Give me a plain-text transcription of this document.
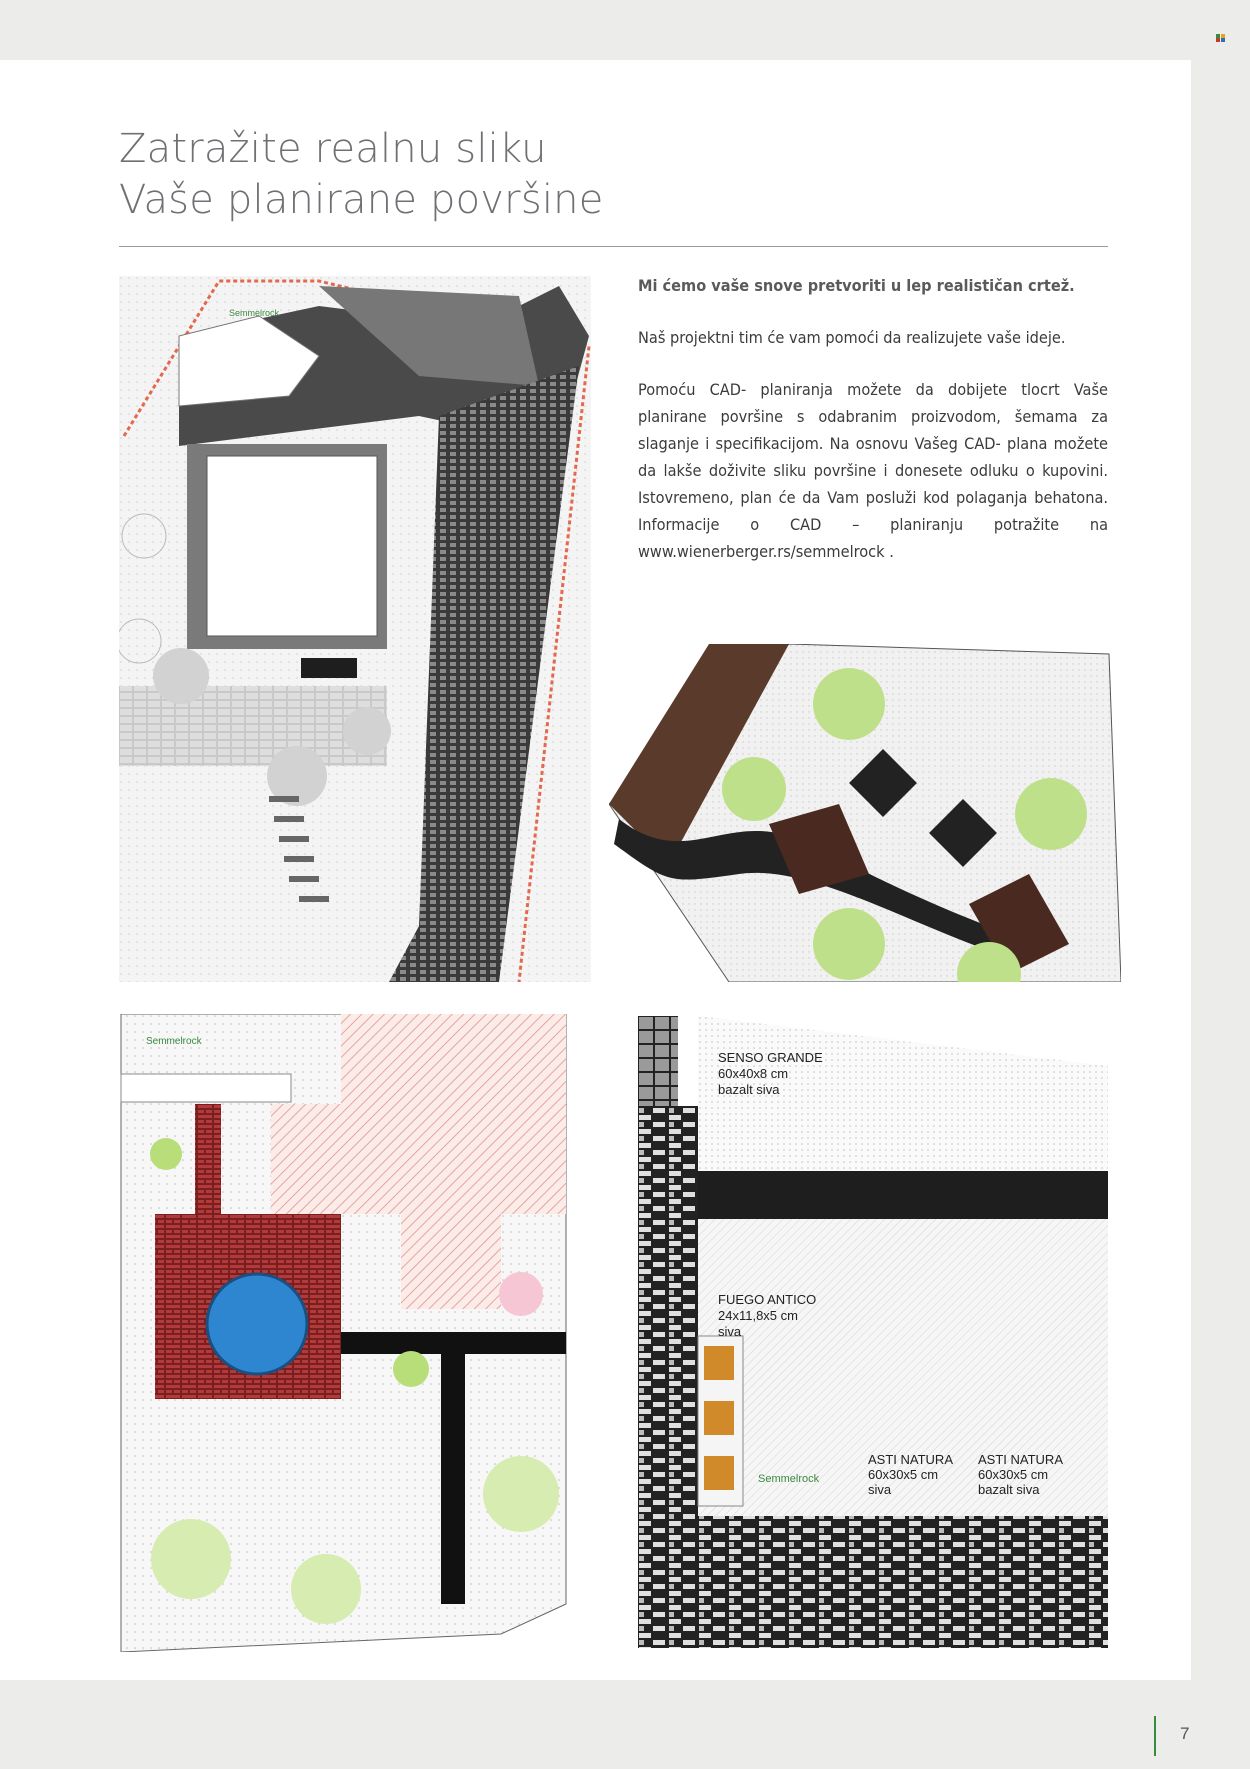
Zatražite realnu sliku
Vaše planirane površine

Mi ćemo vaše snove pretvoriti u lep realističan crtež.

Naš projektni tim će vam pomoći da realizujete vaše ideje.

Pomoću CAD- planiranja možete da dobijete tlocrt Vaše planirane površine s odabranim proizvodom, šemama za slaganje i specifikacijom. Na osnovu Vašeg CAD- plana možete da lakše doživite sliku površine i donesete odluku o kupovini. Istovremeno, plan će da Vam posluži kod polaganja behatona. Informacije o CAD – planiranju potražite na www.wienerberger.rs/semmelrock .

Semmelrock
Semmelrock
SENSO GRANDE
60x40x8 cm
bazalt siva
FUEGO ANTICO
24x11,8x5 cm
siva
ASTI NATURA
60x30x5 cm
siva
ASTI NATURA
60x30x5 cm
bazalt siva
Semmelrock
7
